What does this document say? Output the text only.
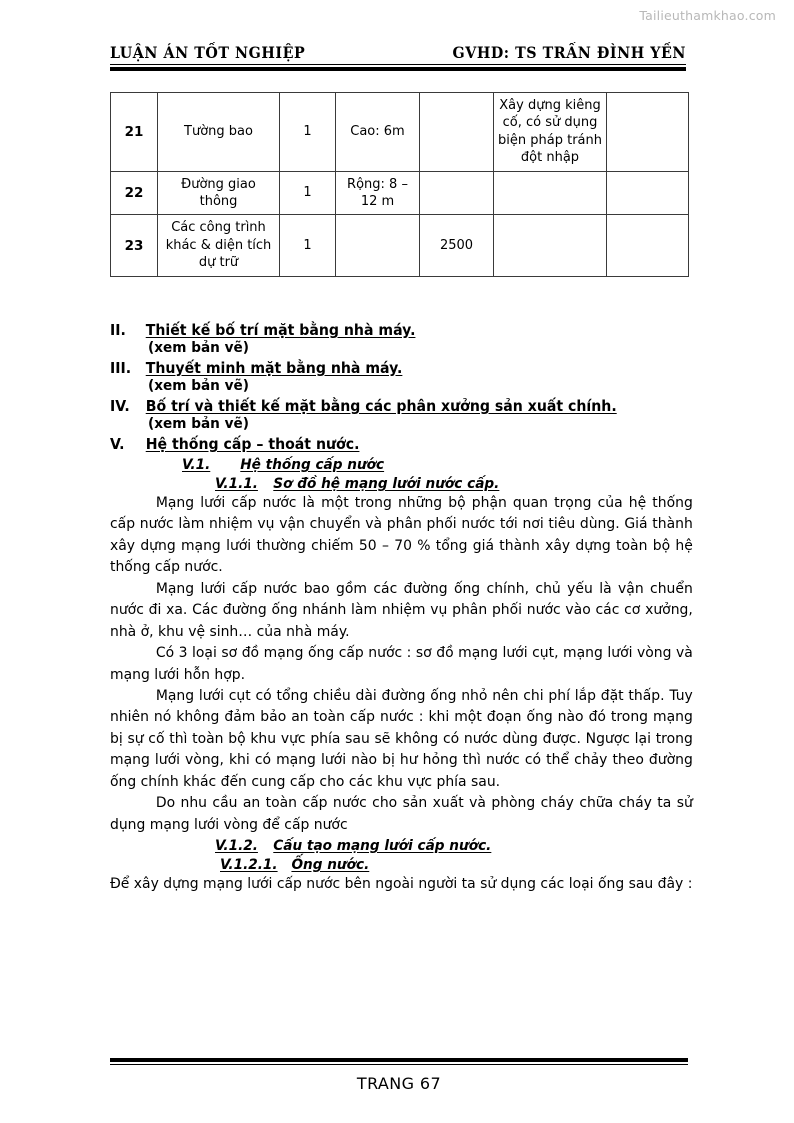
Tailieuthamkhao.com
LUẬN ÁN TỐT NGHIỆP	GVHD: TS TRẦN ĐÌNH YẾN
21	Tường bao	1	Cao: 6m		Xây dựng kiêng cố, có sử dụng biện pháp tránh đột nhập	
22	Đường giao thông	1	Rộng: 8 – 12 m			
23	Các công trình khác & diện tích dự trữ	1		2500		
II.	Thiết kế bố trí mặt bằng nhà máy.
(xem bản vẽ)
III. Thuyết minh mặt bằng nhà máy.
(xem bản vẽ)
IV.	Bố trí và thiết kế mặt bằng các phân xưởng sản xuất chính.
(xem bản vẽ)
V.	Hệ thống cấp – thoát nước.
V.1.	Hệ thống cấp nước
V.1.1.	Sơ đồ hệ mạng lưới nước cấp.

Mạng lưới cấp nước là một trong những bộ phận quan trọng của hệ thống cấp nước làm nhiệm vụ vận chuyển và phân phối nước tới nơi tiêu dùng. Giá thành xây dựng mạng lưới thường chiếm 50 – 70 % tổng giá thành xây dựng toàn bộ hệ thống cấp nước.

Mạng lưới cấp nước bao gồm các đường ống chính, chủ yếu là vận chuển nước đi xa. Các đường ống nhánh làm nhiệm vụ phân phối nước vào các cơ xưởng, nhà ở, khu vệ sinh… của nhà máy.

Có 3 loại sơ đồ mạng ống cấp nước : sơ đồ mạng lưới cụt, mạng lưới vòng và mạng lưới hỗn hợp.

Mạng lưới cụt có tổng chiều dài đường ống nhỏ nên chi phí lắp đặt thấp. Tuy nhiên nó không đảm bảo an toàn cấp nước : khi một đoạn ống nào đó trong mạng bị sự cố thì toàn bộ khu vực phía sau sẽ không có nước dùng được. Ngược lại trong mạng lưới vòng, khi có mạng lưới nào bị hư hỏng thì nước có thể chảy theo đường ống chính khác đến cung cấp cho các khu vực phía sau.

Do nhu cầu an toàn cấp nước cho sản xuất và phòng cháy chữa cháy ta sử dụng mạng lưới vòng để cấp nước

V.1.2.	Cấu tạo mạng lưới cấp nước.
V.1.2.1. Ống nước.

Để xây dựng mạng lưới cấp nước bên ngoài người ta sử dụng các loại ống sau đây :

TRANG 67
